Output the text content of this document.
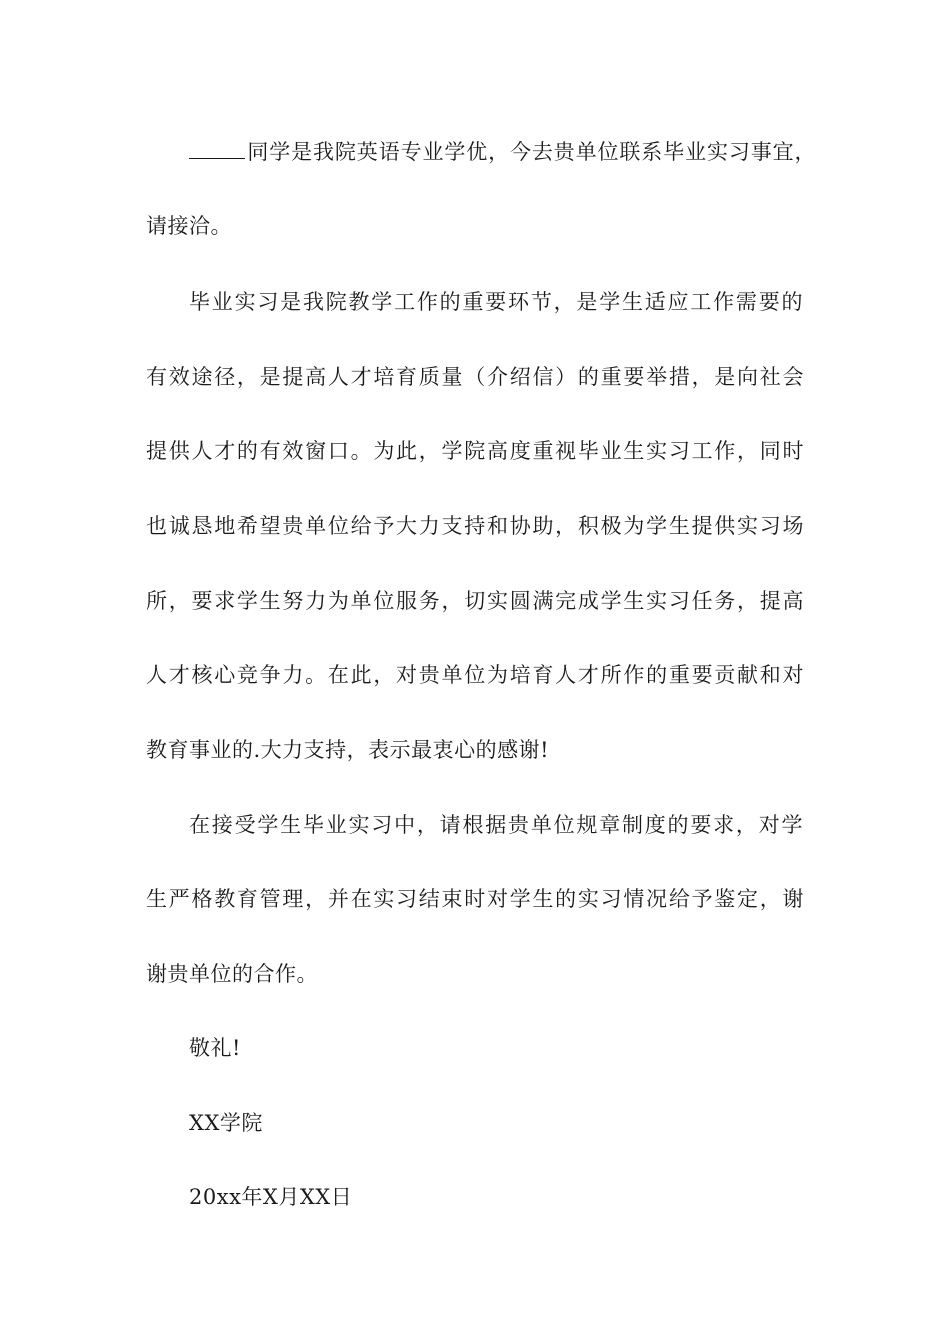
同学是我院英语专业学优，今去贵单位联系毕业实习事宜，
请接洽。
毕业实习是我院教学工作的重要环节，是学生适应工作需要的
有效途径，是提高人才培育质量（介绍信）的重要举措，是向社会
提供人才的有效窗口。为此，学院高度重视毕业生实习工作，同时
也诚恳地希望贵单位给予大力支持和协助，积极为学生提供实习场
所，要求学生努力为单位服务，切实圆满完成学生实习任务，提高
人才核心竞争力。在此，对贵单位为培育人才所作的重要贡献和对
教育事业的.大力支持，表示最衷心的感谢!
在接受学生毕业实习中，请根据贵单位规章制度的要求，对学
生严格教育管理，并在实习结束时对学生的实习情况给予鉴定，谢
谢贵单位的合作。
敬礼!
XX学院
20xx年X月XX日
